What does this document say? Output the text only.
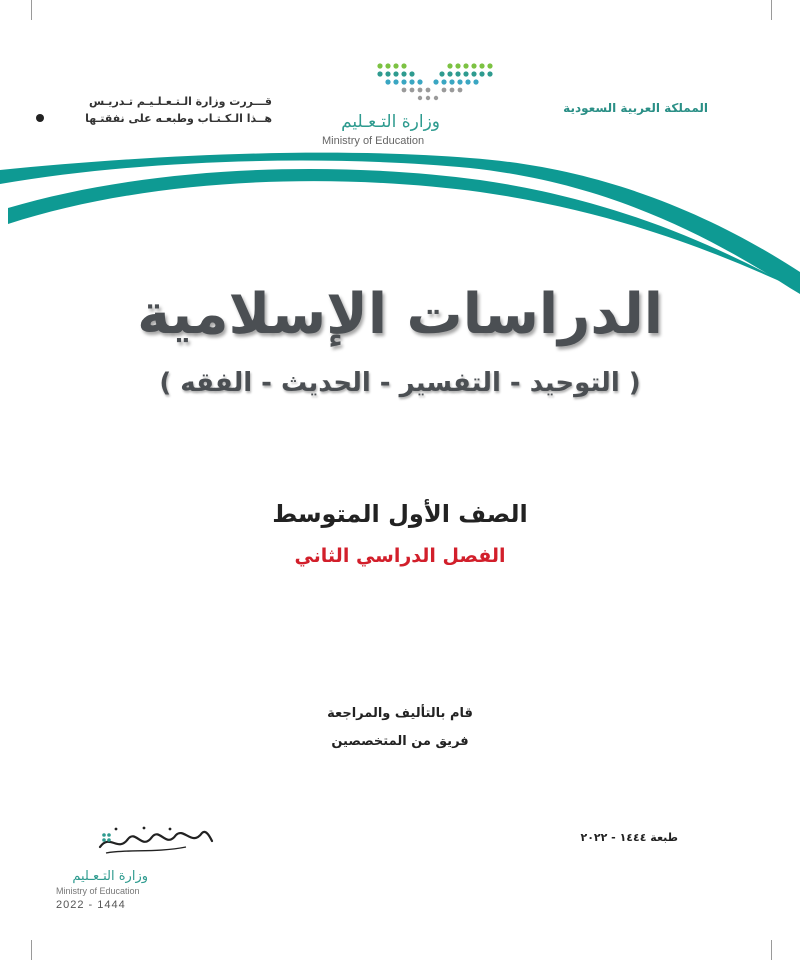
المملكة العربية السعودية
قـــررت وزارة الـتـعـلـيـم تـدريـس
هــذا الـكـتـاب وطبعـه على نفقتـها	وزارة التـعـليم
Ministry of Education
الدراسات الإسلامية
( التوحيد - التفسير - الحديث - الفقه )
الصف الأول المتوسط
الفصل الدراسي الثاني
قام بالتأليف والمراجعة
فريق من المتخصصين
طبعة ١٤٤٤ - ٢٠٢٢
وزارة التـعـليم
Ministry of Education
2022 - 1444
